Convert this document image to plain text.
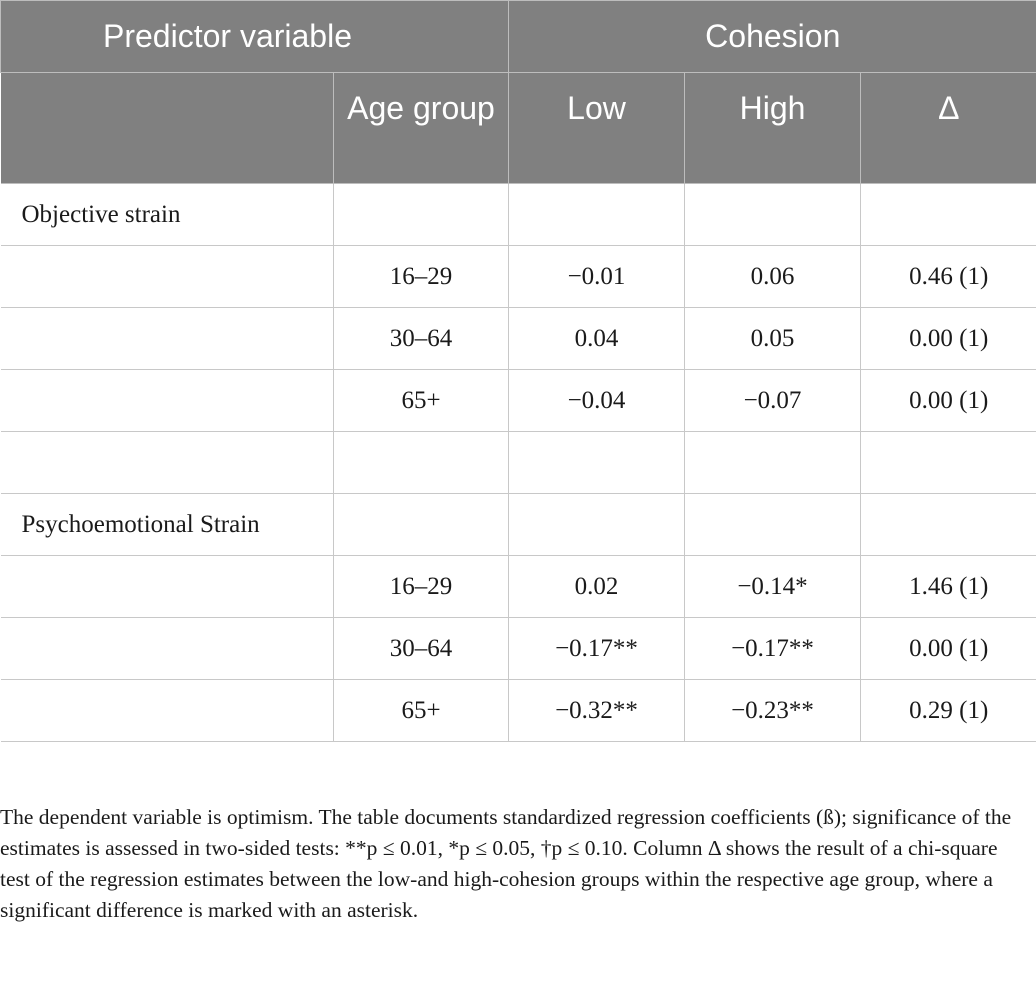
Predictor variable		Cohesion		
	Age group	Low	High	Δ
Objective strain				
	16–29	−0.01	0.06	0.46 (1)
	30–64	0.04	0.05	0.00 (1)
	65+	−0.04	−0.07	0.00 (1)

Psychoemotional Strain				
	16–29	0.02	−0.14*	1.46 (1)
	30–64	−0.17**	−0.17**	0.00 (1)
	65+	−0.32**	−0.23**	0.29 (1)

The dependent variable is optimism. The table documents standardized regression coefficients (ß); significance of the estimates is assessed in two-sided tests: **p ≤ 0.01, *p ≤ 0.05, †p ≤ 0.10. Column Δ shows the result of a chi-square test of the regression estimates between the low-and high-cohesion groups within the respective age group, where a significant difference is marked with an asterisk.
